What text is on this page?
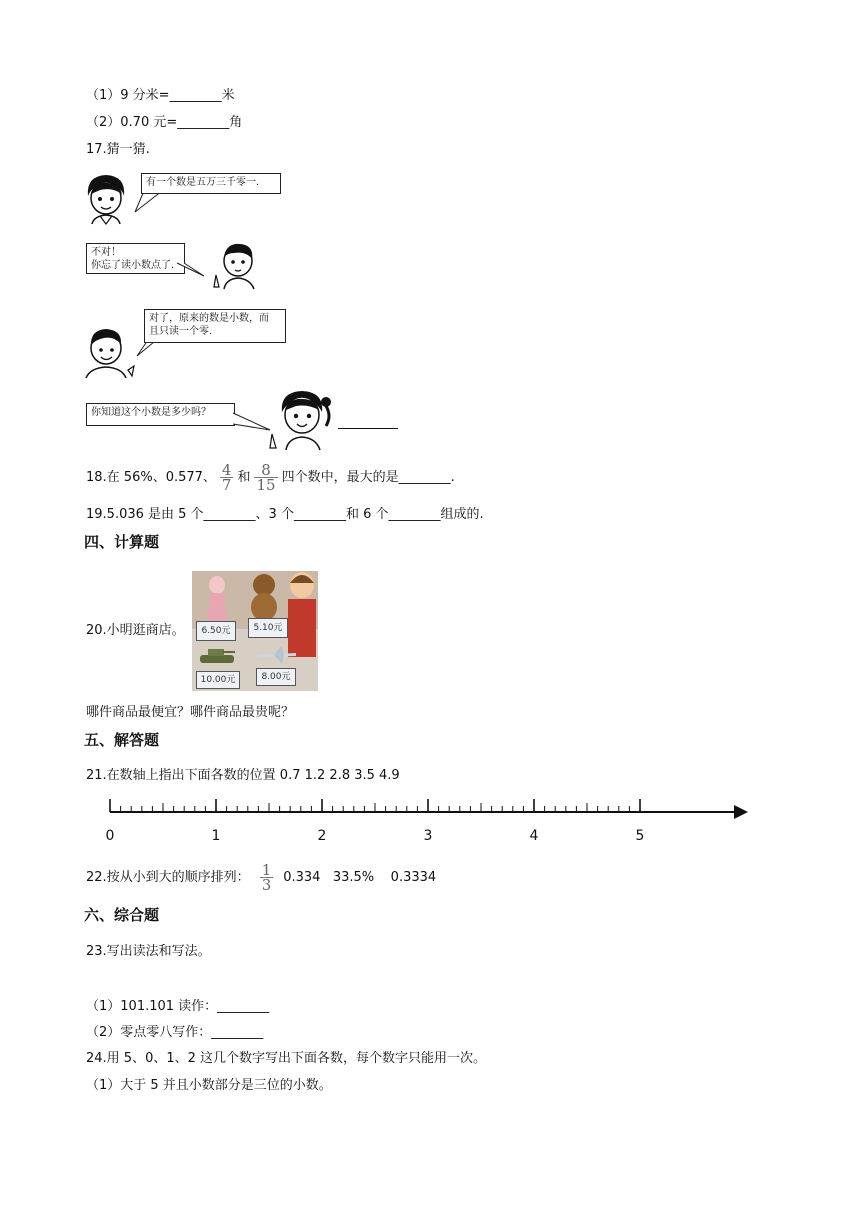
（1）9 分米=________米
（2）0.70 元=________角
17.猜一猜.
有一个数是五万三千零一.
不对！
你忘了读小数点了.
对了，原来的数是小数，而
且只读一个零.
你知道这个小数是多少吗？
18.在 56%、0.577、 $\frac{4}{7}$ 和 $\frac{8}{15}$ 四个数中，最大的是________.
19.5.036 是由 5 个________、3 个________和 6 个________组成的.
四、计算题
20.小明逛商店。	6.50元	5.10元
10.00元	8.00元
哪件商品最便宜？哪件商品最贵呢？
五、解答题
21.在数轴上指出下面各数的位置 0.7 1.2 2.8 3.5 4.9
0	1	2	3	4	5
22.按从小到大的顺序排列： $\frac{1}{3} 0.334$   33.5%    0.3334
六、综合题
23.写出读法和写法。
（1）101.101 读作：________
（2）零点零八写作：________
24.用 5、0、1、2 这几个数字写出下面各数，每个数字只能用一次。
（1）大于 5 并且小数部分是三位的小数。
